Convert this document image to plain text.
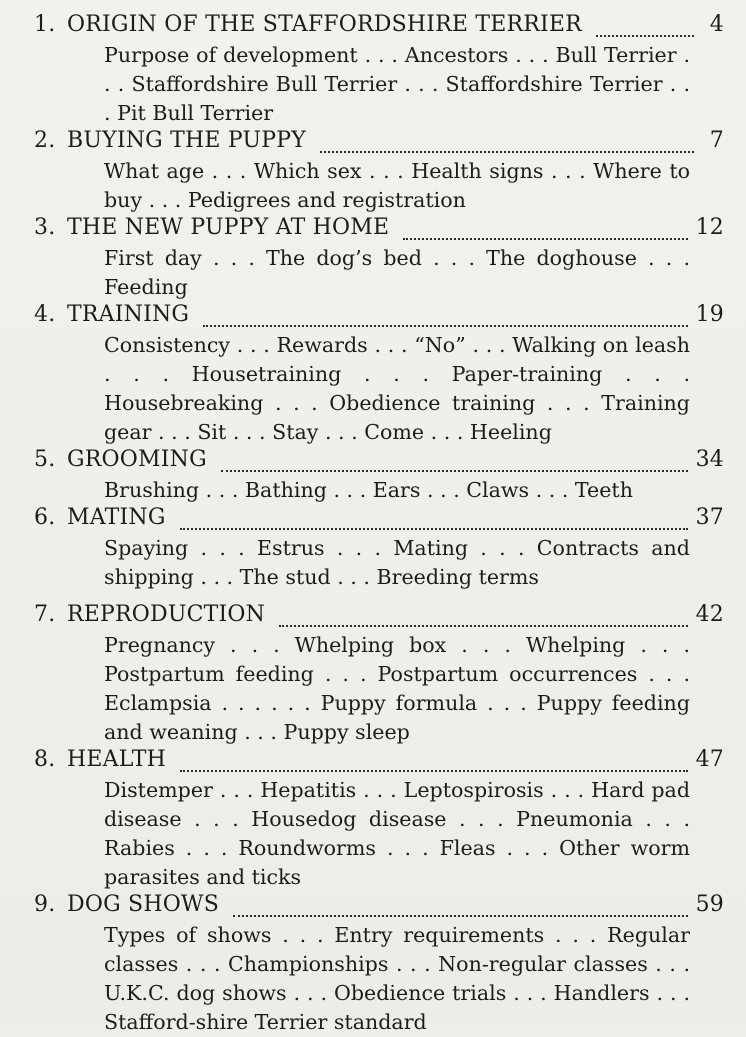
1. ORIGIN OF THE STAFFORDSHIRE TERRIER	4
Purpose of development . . . Ancestors . . . Bull Terrier . . . Staffordshire Bull Terrier . . . Staffordshire Terrier . . . Pit Bull Terrier
2. BUYING THE PUPPY	7
What age . . . Which sex . . . Health signs . . . Where to buy . . . Pedigrees and registration
3. THE NEW PUPPY AT HOME	12
First day . . . The dog’s bed . . . The doghouse . . . Feeding
4. TRAINING	19
Consistency . . . Rewards . . . “No” . . . Walking on leash . . . Housetraining . . . Paper-training . . . Housebreaking . . . Obedience training . . . Training gear . . . Sit . . . Stay . . . Come . . . Heeling
5. GROOMING	34
Brushing . . . Bathing . . . Ears . . . Claws . . . Teeth
6. MATING	37
Spaying . . . Estrus . . . Mating . . . Contracts and shipping . . . The stud . . . Breeding terms
7. REPRODUCTION	42
Pregnancy . . . Whelping box . . . Whelping . . . Postpartum feeding . . . Postpartum occurrences . . . Eclampsia . . . . . . Puppy formula . . . Puppy feeding and weaning . . . Puppy sleep
8. HEALTH	47
Distemper . . . Hepatitis . . . Leptospirosis . . . Hard pad disease . . . Housedog disease . . . Pneumonia . . . Rabies . . . Roundworms . . . Fleas . . . Other worm parasites and ticks
9. DOG SHOWS	59
Types of shows . . . Entry requirements . . . Regular classes . . . Championships . . . Non-regular classes . . . U.K.C. dog shows . . . Obedience trials . . . Handlers . . . Stafford-shire Terrier standard
